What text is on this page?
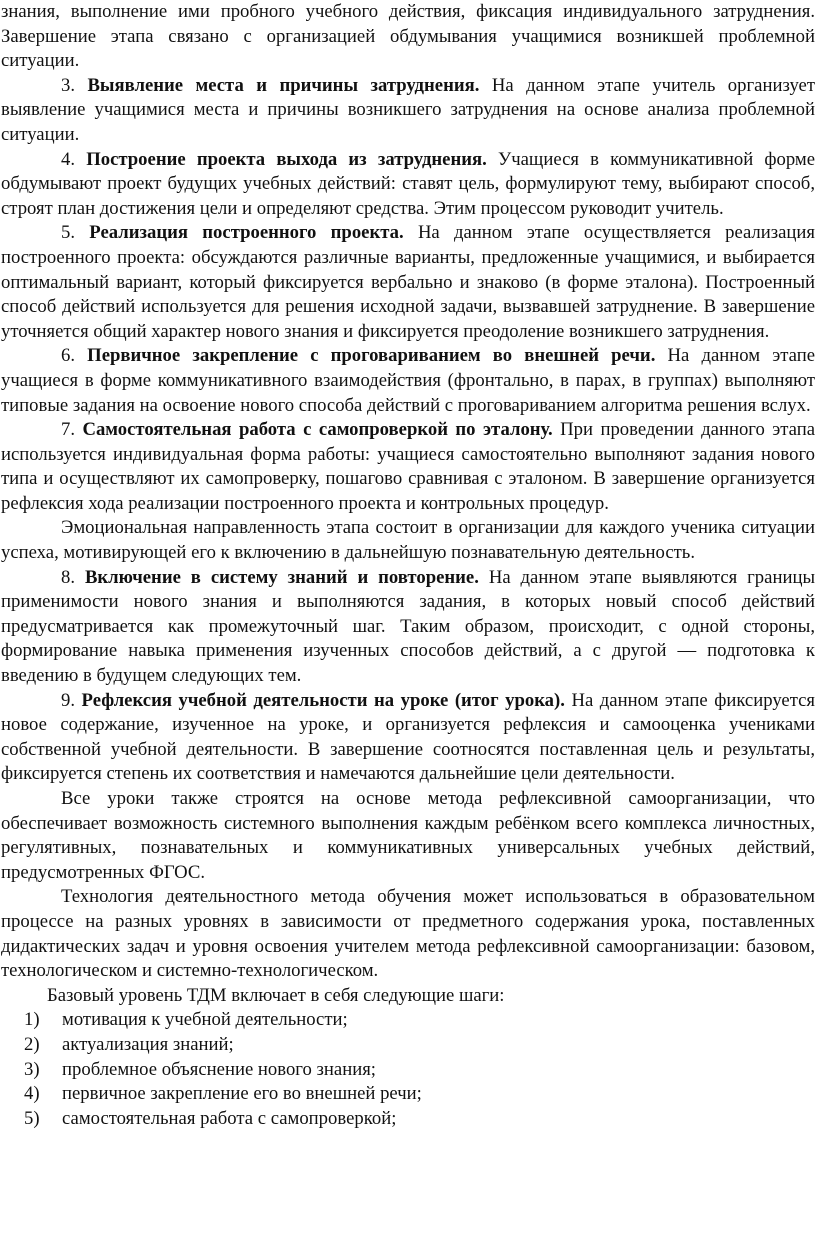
знания, выполнение ими пробного учебного действия, фиксация индивидуального затруднения. Завершение этапа связано с организацией обдумывания учащимися возникшей проблемной ситуации.

3. Выявление места и причины затруднения. На данном этапе учитель организует выявление учащимися места и причины возникшего затруднения на основе анализа проблемной ситуации.

4. Построение проекта выхода из затруднения. Учащиеся в коммуникативной форме обдумывают проект будущих учебных действий: ставят цель, формулируют тему, выбирают способ, строят план достижения цели и определяют средства. Этим процессом руководит учитель.

5. Реализация построенного проекта. На данном этапе осуществляется реализация построенного проекта: обсуждаются различные варианты, предложенные учащимися, и выбирается оптимальный вариант, который фиксируется вербально и знаково (в форме эталона). Построенный способ действий используется для решения исходной задачи, вызвавшей затруднение. В завершение уточняется общий характер нового знания и фиксируется преодоление возникшего затруднения.

6. Первичное закрепление с проговариванием во внешней речи. На данном этапе учащиеся в форме коммуникативного взаимодействия (фронтально, в парах, в группах) выполняют типовые задания на освоение нового способа действий с проговариванием алгоритма решения вслух.

7. Самостоятельная работа с самопроверкой по эталону. При проведении данного этапа используется индивидуальная форма работы: учащиеся самостоятельно выполняют задания нового типа и осуществляют их самопроверку, пошагово сравнивая с эталоном. В завершение организуется рефлексия хода реализации построенного проекта и контрольных процедур.

Эмоциональная направленность этапа состоит в организации для каждого ученика ситуации успеха, мотивирующей его к включению в дальнейшую познавательную деятельность.

8. Включение в систему знаний и повторение. На данном этапе выявляются границы применимости нового знания и выполняются задания, в которых новый способ действий предусматривается как промежуточный шаг. Таким образом, происходит, с одной стороны, формирование навыка применения изученных способов действий, а с другой — подготовка к введению в будущем следующих тем.

9. Рефлексия учебной деятельности на уроке (итог урока). На данном этапе фиксируется новое содержание, изученное на уроке, и организуется рефлексия и самооценка учениками собственной учебной деятельности. В завершение соотносятся поставленная цель и результаты, фиксируется степень их соответствия и намечаются дальнейшие цели деятельности.

Все уроки также строятся на основе метода рефлексивной самоорганизации, что обеспечивает возможность системного выполнения каждым ребёнком всего комплекса личностных, регулятивных, познавательных и коммуникативных универсальных учебных действий, предусмотренных ФГОС.

Технология деятельностного метода обучения может использоваться в образовательном процессе на разных уровнях в зависимости от предметного содержания урока, поставленных дидактических задач и уровня освоения учителем метода рефлексивной самоорганизации: базовом, технологическом и системно-технологическом.

Базовый уровень ТДМ включает в себя следующие шаги:

1)	мотивация к учебной деятельности;
2)	актуализация знаний;
3)	проблемное объяснение нового знания;
4)	первичное закрепление его во внешней речи;
5)	самостоятельная работа с самопроверкой;
